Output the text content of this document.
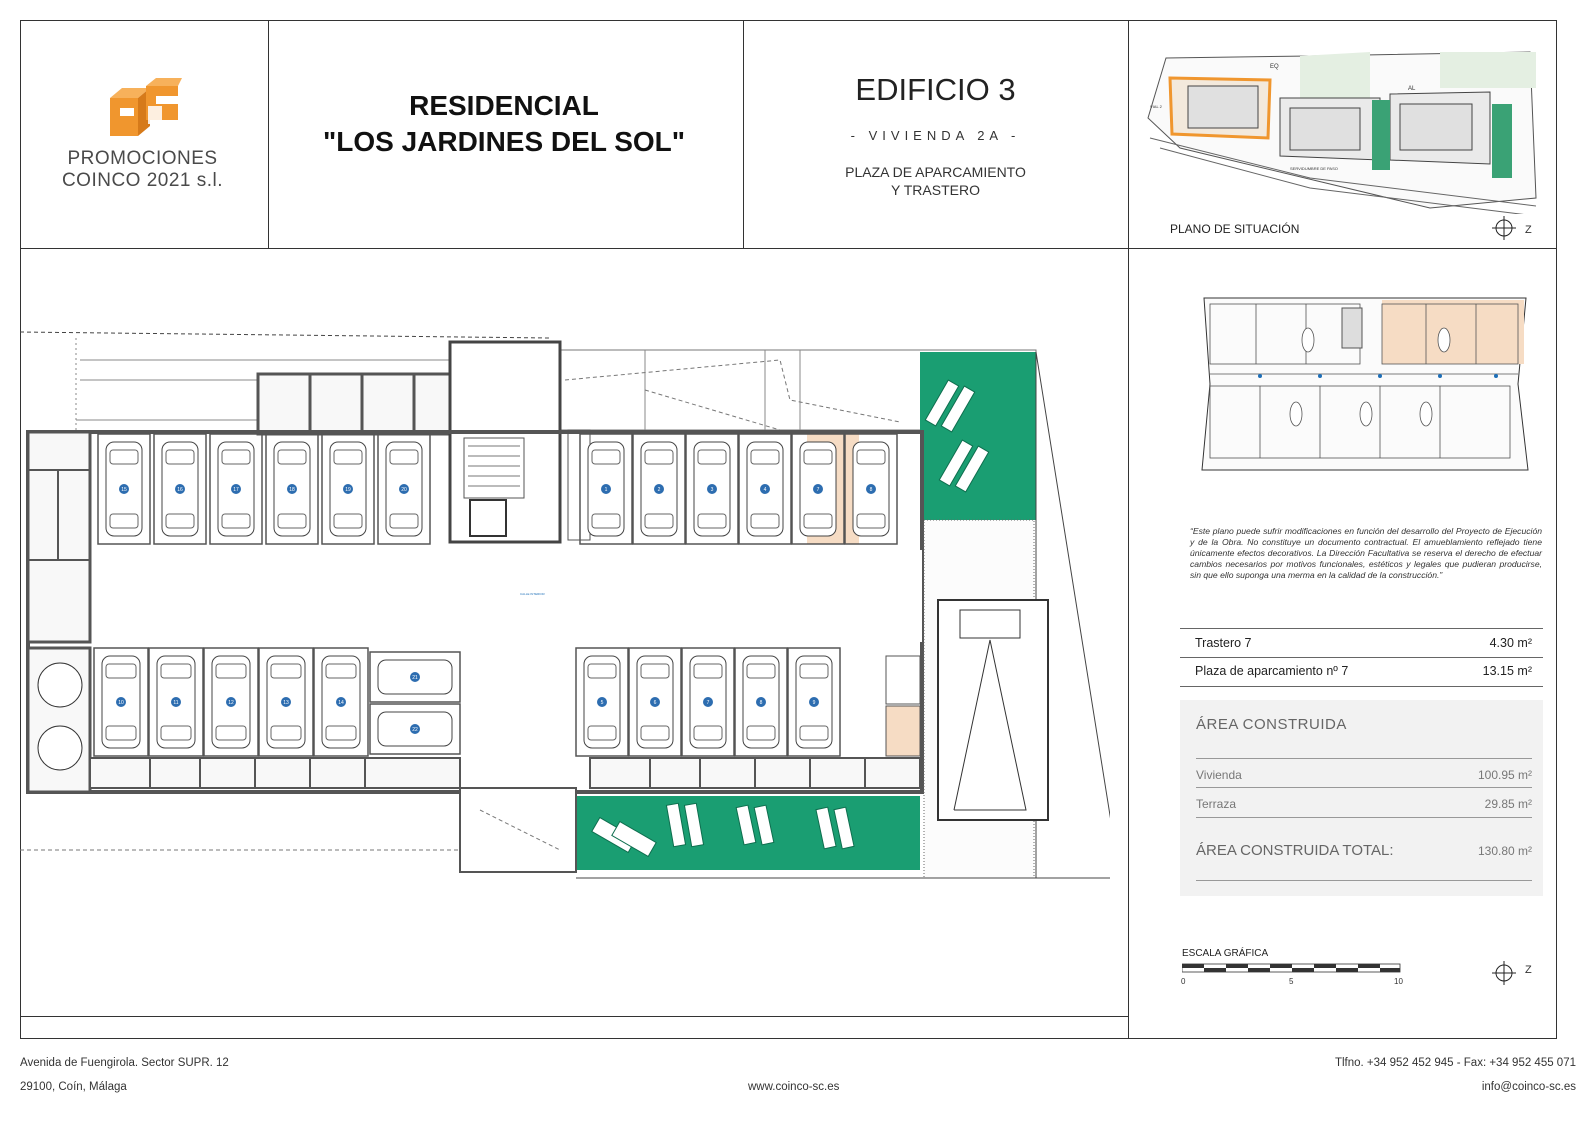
PROMOCIONES
COINCO 2021 s.l.
RESIDENCIAL
"LOS JARDINES DEL SOL"
EDIFICIO 3
- VIVIENDA 2A -
PLAZA DE APARCAMIENTO
Y TRASTERO
EQ
AL
VIAL 2
SERVIDUMBRE DE PASO
PLANO DE SITUACIÓN	Z
“Este plano puede sufrir modificaciones en función del desarrollo del Proyecto de Ejecución y de la Obra. No constituye un documento contractual. El amueblamiento reflejado tiene únicamente efectos decorativos. La Dirección Facultativa se reserva el derecho de efectuar cambios necesarios por motivos funcionales, estéticos y legales que pudieran producirse, sin que ello suponga una merma en la calidad de la construcción.”
Trastero 7	4.30 m²
Plaza de aparcamiento nº 7	13.15 m²
ÁREA CONSTRUIDA
Vivienda	100.95 m²
Terraza	29.85 m²
ÁREA CONSTRUIDA TOTAL:	130.80 m²
ESCALA GRÁFICA
0	5	10
Z
CALLE INTERIOR
15	16	17	18	19	20	1	2	3	4	7	8
10	11	12	13	14
21
22
5	6	7	8	9
Avenida de Fuengirola. Sector SUPR. 12
29100, Coín, Málaga	www.coinco-sc.es
Tlfno. +34 952 452 945 - Fax: +34 952 455 071
info@coinco-sc.es
